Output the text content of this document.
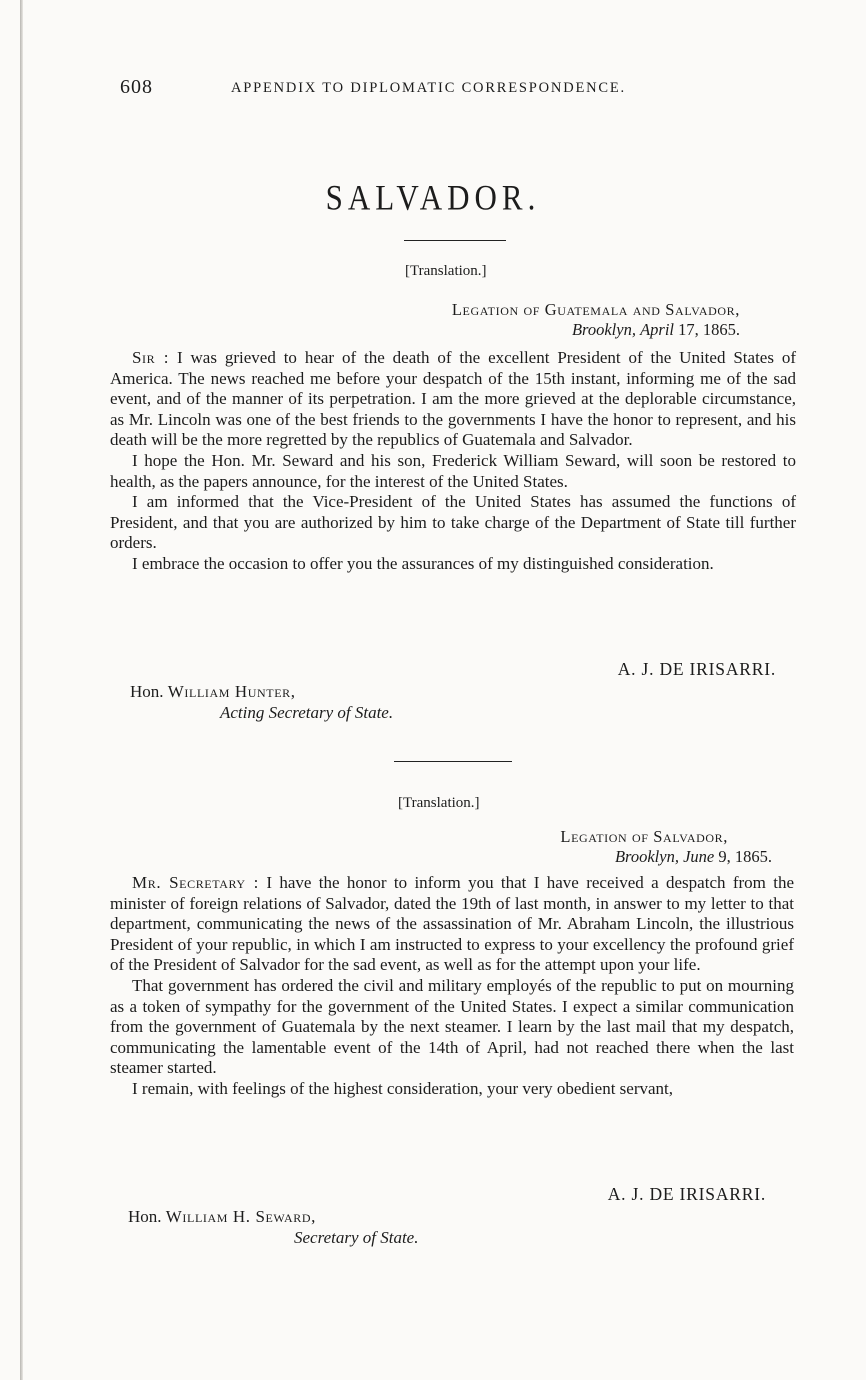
608	APPENDIX TO DIPLOMATIC CORRESPONDENCE.
SALVADOR.
[Translation.]
Legation of Guatemala and Salvador,
Brooklyn, April 17, 1865.

Sir : I was grieved to hear of the death of the excellent President of the United States of America. The news reached me before your despatch of the 15th instant, informing me of the sad event, and of the manner of its perpetration. I am the more grieved at the deplorable circumstance, as Mr. Lincoln was one of the best friends to the governments I have the honor to represent, and his death will be the more regretted by the republics of Guatemala and Salvador.

I hope the Hon. Mr. Seward and his son, Frederick William Seward, will soon be restored to health, as the papers announce, for the interest of the United States.

I am informed that the Vice-President of the United States has assumed the functions of President, and that you are authorized by him to take charge of the Department of State till further orders.

I embrace the occasion to offer you the assurances of my distinguished consideration.

A. J. DE IRISARRI.
Hon. William Hunter,
Acting Secretary of State.
[Translation.]
Legation of Salvador,
Brooklyn, June 9, 1865.

Mr. Secretary : I have the honor to inform you that I have received a despatch from the minister of foreign relations of Salvador, dated the 19th of last month, in answer to my letter to that department, communicating the news of the assassination of Mr. Abraham Lincoln, the illustrious President of your republic, in which I am instructed to express to your excellency the profound grief of the President of Salvador for the sad event, as well as for the attempt upon your life.

That government has ordered the civil and military employés of the republic to put on mourning as a token of sympathy for the government of the United States. I expect a similar communication from the government of Guatemala by the next steamer. I learn by the last mail that my despatch, communicating the lamentable event of the 14th of April, had not reached there when the last steamer started.

I remain, with feelings of the highest consideration, your very obedient servant,

A. J. DE IRISARRI.
Hon. William H. Seward,
Secretary of State.
